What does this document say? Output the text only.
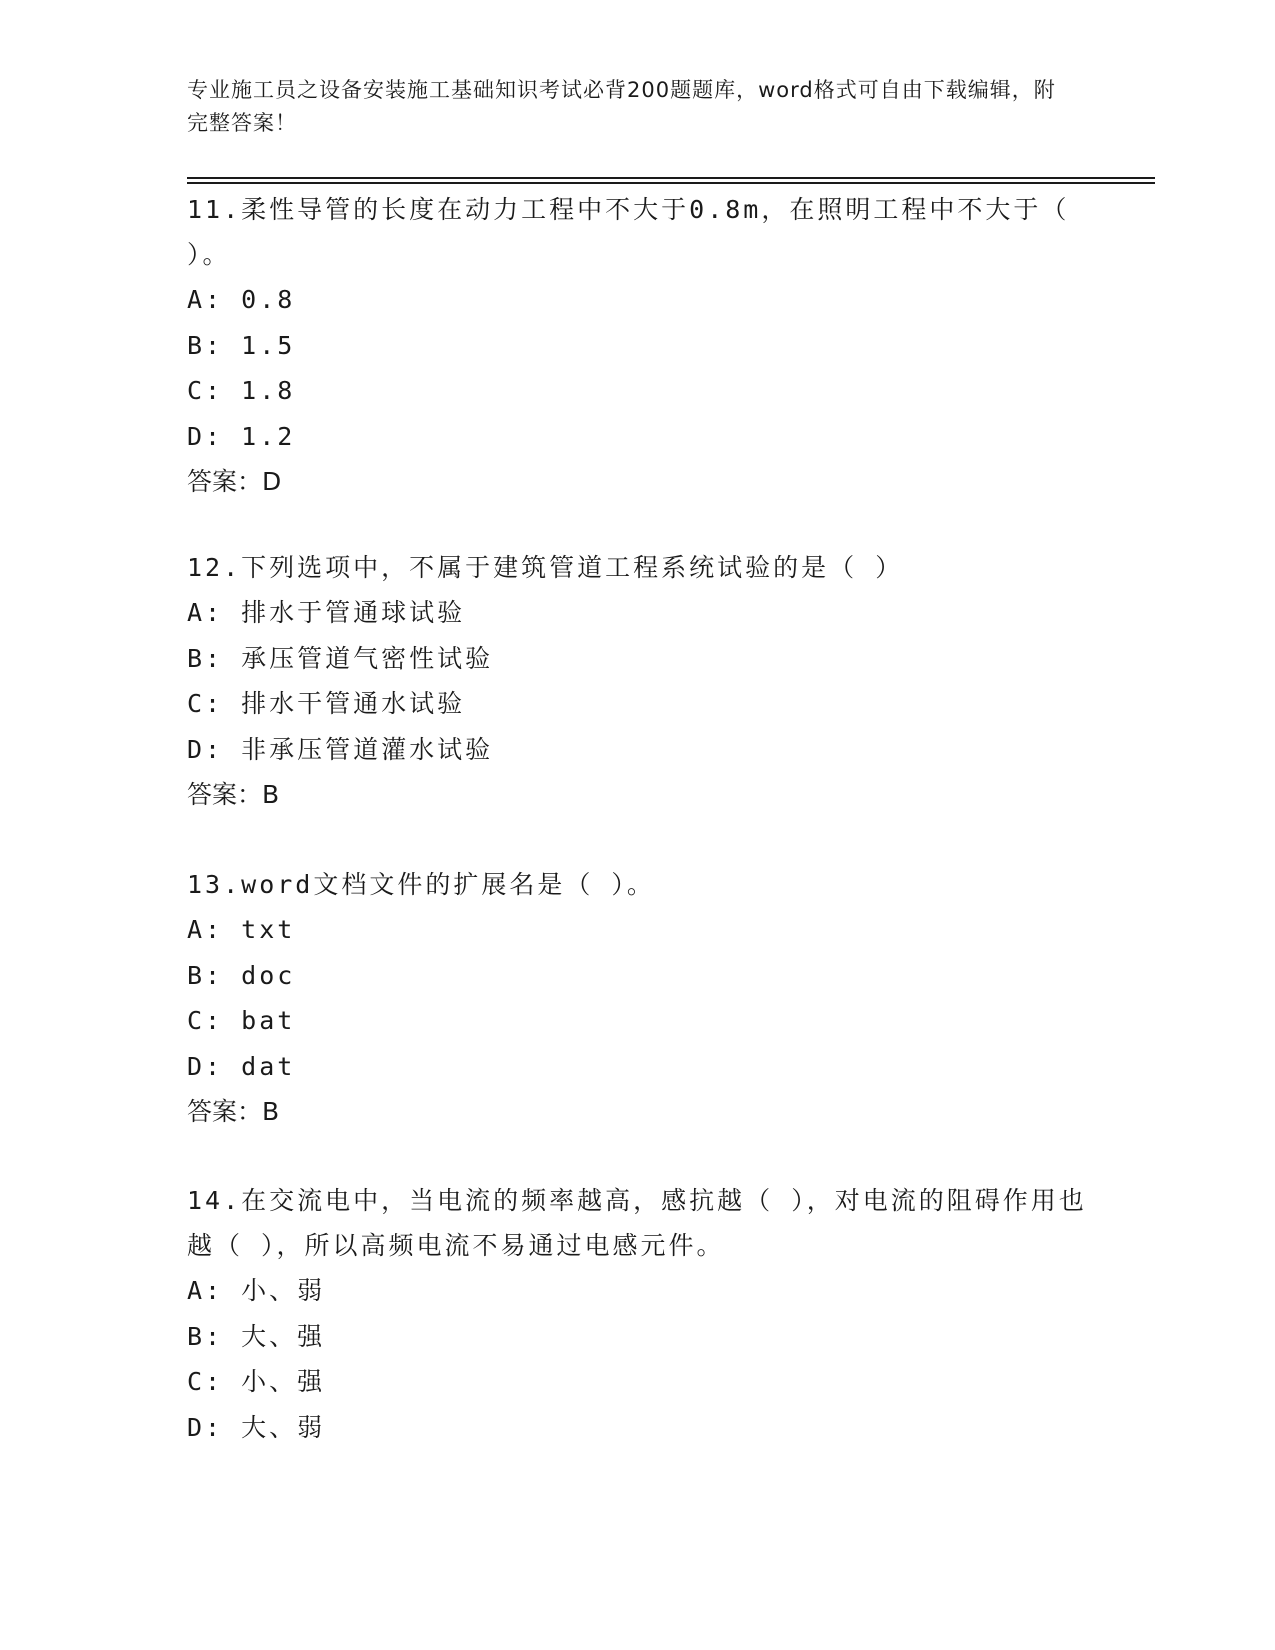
专业施工员之设备安装施工基础知识考试必背200题题库，word格式可自由下载编辑，附完整答案！

11.柔性导管的长度在动力工程中不大于0.8m，在照明工程中不大于（ ）。

A: 0.8

B: 1.5

C: 1.8

D: 1.2

答案：D

12.下列选项中，不属于建筑管道工程系统试验的是（ ）

A: 排水于管通球试验

B: 承压管道气密性试验

C: 排水干管通水试验

D: 非承压管道灌水试验

答案：B

13.word文档文件的扩展名是（ ）。

A: txt

B: doc

C: bat

D: dat

答案：B

14.在交流电中，当电流的频率越高，感抗越（ ），对电流的阻碍作用也越（ ），所以高频电流不易通过电感元件。

A: 小、弱

B: 大、强

C: 小、强

D: 大、弱
